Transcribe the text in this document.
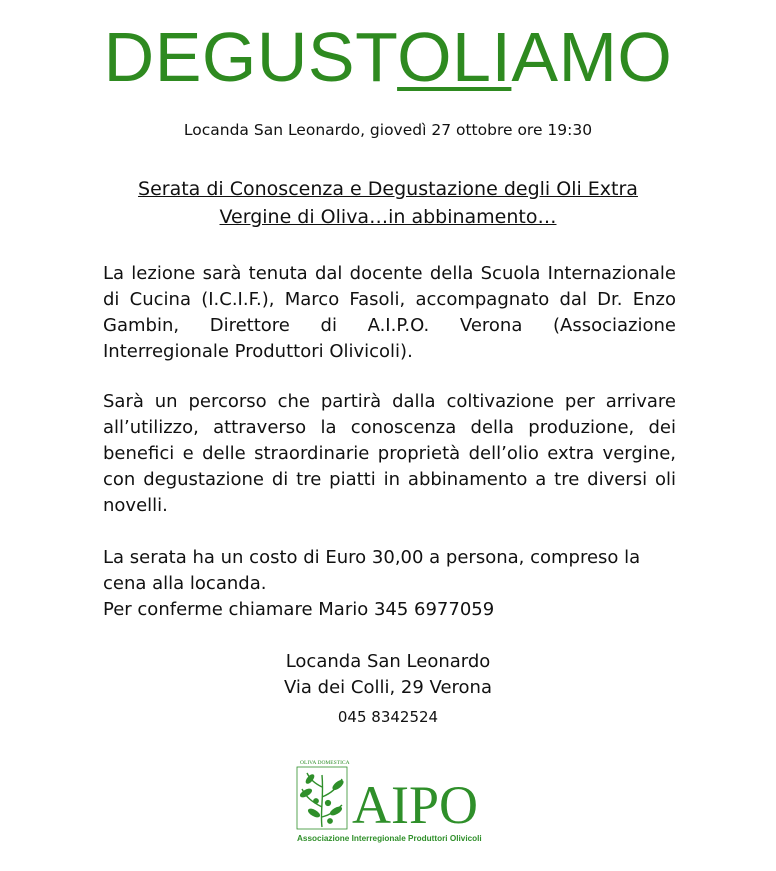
DEGUSTOLIAMO
Locanda San Leonardo, giovedì 27 ottobre ore 19:30
Serata di Conoscenza e Degustazione degli Oli Extra Vergine di Oliva…in abbinamento…
La lezione sarà tenuta dal docente della Scuola Internazionale di Cucina (I.C.I.F.), Marco Fasoli, accompagnato dal Dr. Enzo Gambin, Direttore di A.I.P.O. Verona (Associazione Interregionale Produttori Olivicoli).
Sarà un percorso che partirà dalla coltivazione per arrivare all’utilizzo, attraverso la conoscenza della produzione, dei benefici e delle straordinarie proprietà dell’olio extra vergine, con degustazione di tre piatti in abbinamento a tre diversi oli novelli.
La serata ha un costo di Euro 30,00 a persona, compreso la cena alla locanda.
Per conferme chiamare Mario 345 6977059
Locanda San Leonardo
Via dei Colli, 29 Verona
045 8342524
OLIVA DOMESTICA
AIPO
Associazione Interregionale Produttori Olivicoli
